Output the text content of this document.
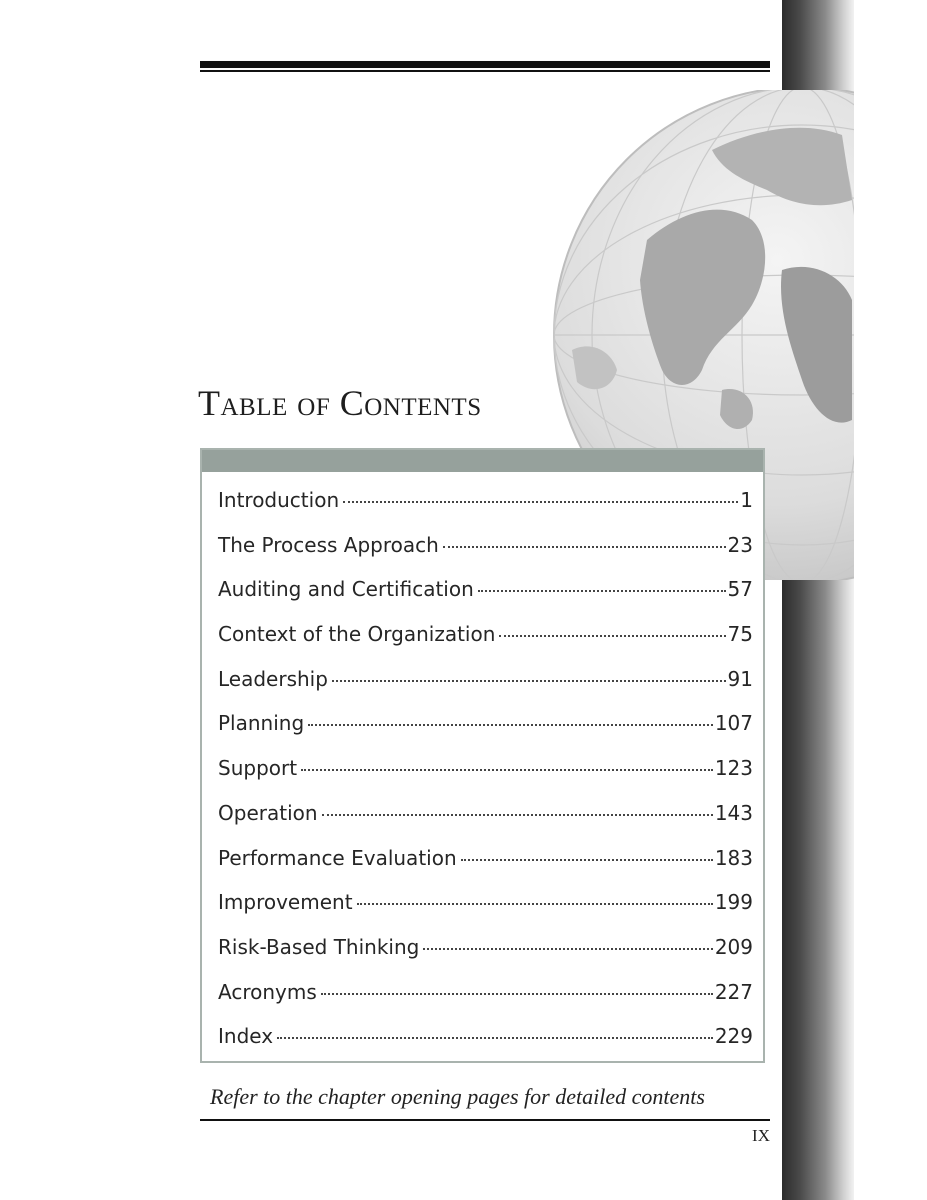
Table of Contents
Introduction	1
The Process Approach	23
Auditing and Certification	57
Context of the Organization	75
Leadership	91
Planning	107
Support	123
Operation	143
Performance Evaluation	183
Improvement	199
Risk-Based Thinking	209
Acronyms	227
Index	229

Refer to the chapter opening pages for detailed contents

IX
